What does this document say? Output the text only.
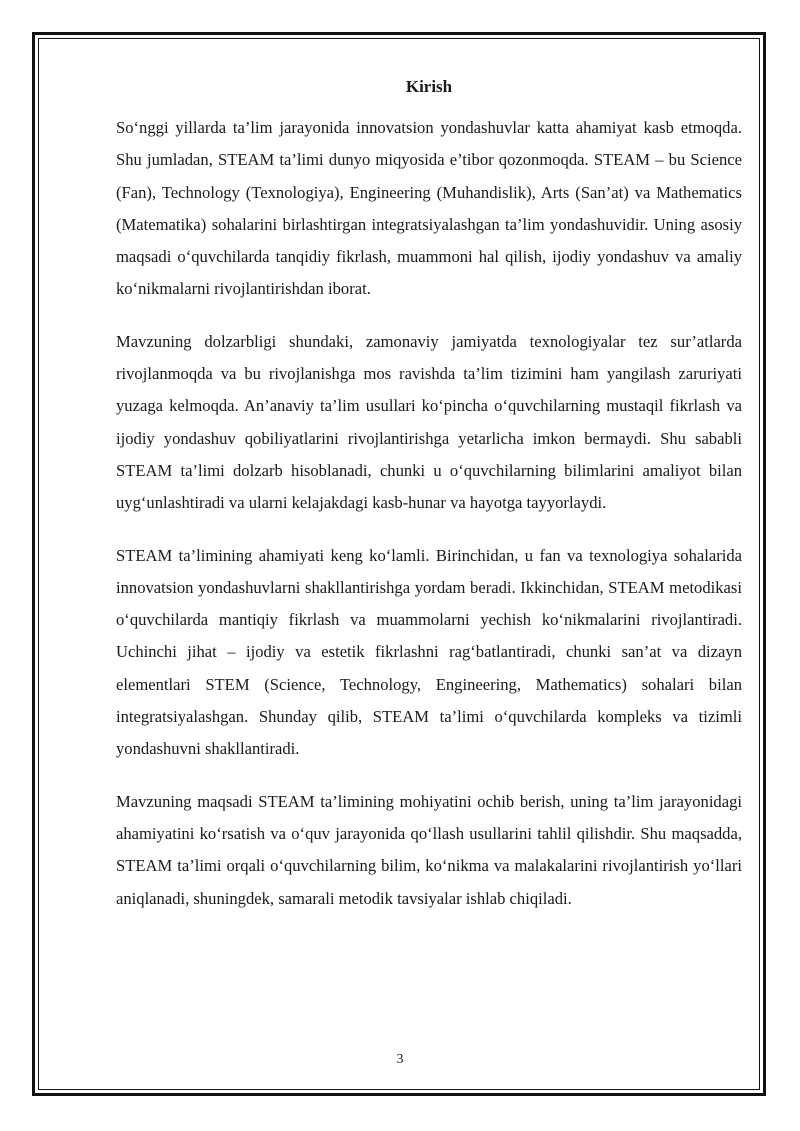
Kirish

So‘nggi yillarda ta’lim jarayonida innovatsion yondashuvlar katta ahamiyat kasb etmoqda. Shu jumladan, STEAM ta’limi dunyo miqyosida e’tibor qozonmoqda. STEAM – bu Science (Fan), Technology (Texnologiya), Engineering (Muhandislik), Arts (San’at) va Mathematics (Matematika) sohalarini birlashtirgan integratsiyalashgan ta’lim yondashuvidir. Uning asosiy maqsadi o‘quvchilarda tanqidiy fikrlash, muammoni hal qilish, ijodiy yondashuv va amaliy ko‘nikmalarni rivojlantirishdan iborat.

Mavzuning dolzarbligi shundaki, zamonaviy jamiyatda texnologiyalar tez sur’atlarda rivojlanmoqda va bu rivojlanishga mos ravishda ta’lim tizimini ham yangilash zaruriyati yuzaga kelmoqda. An’anaviy ta’lim usullari ko‘pincha o‘quvchilarning mustaqil fikrlash va ijodiy yondashuv qobiliyatlarini rivojlantirishga yetarlicha imkon bermaydi. Shu sababli STEAM ta’limi dolzarb hisoblanadi, chunki u o‘quvchilarning bilimlarini amaliyot bilan uyg‘unlashtiradi va ularni kelajakdagi kasb-hunar va hayotga tayyorlaydi.

STEAM ta’limining ahamiyati keng ko‘lamli. Birinchidan, u fan va texnologiya sohalarida innovatsion yondashuvlarni shakllantirishga yordam beradi. Ikkinchidan, STEAM metodikasi o‘quvchilarda mantiqiy fikrlash va muammolarni yechish ko‘nikmalarini rivojlantiradi. Uchinchi jihat – ijodiy va estetik fikrlashni rag‘batlantiradi, chunki san’at va dizayn elementlari STEM (Science, Technology, Engineering, Mathematics) sohalari bilan integratsiyalashgan. Shunday qilib, STEAM ta’limi o‘quvchilarda kompleks va tizimli yondashuvni shakllantiradi.

Mavzuning maqsadi STEAM ta’limining mohiyatini ochib berish, uning ta’lim jarayonidagi ahamiyatini ko‘rsatish va o‘quv jarayonida qo‘llash usullarini tahlil qilishdir. Shu maqsadda, STEAM ta’limi orqali o‘quvchilarning bilim, ko‘nikma va malakalarini rivojlantirish yo‘llari aniqlanadi, shuningdek, samarali metodik tavsiyalar ishlab chiqiladi.

3
